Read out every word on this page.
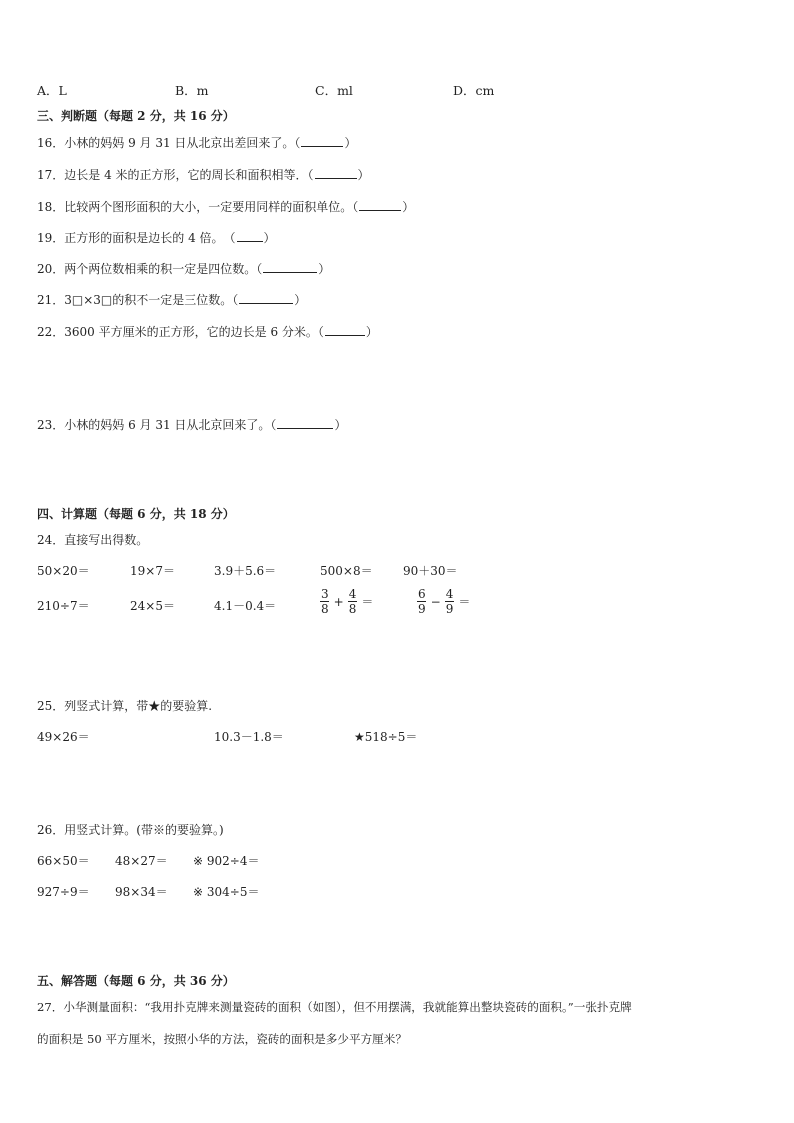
A．L	B．m	C．ml	D．cm
三、判断题（每题 2 分，共 16 分）
16．小林的妈妈 9 月 31 日从北京出差回来了。（	）
17．边长是 4 米的正方形，它的周长和面积相等．（	）
18．比较两个图形面积的大小，一定要用同样的面积单位。（	）
19．正方形的面积是边长的 4 倍。　（ ）
20．两个两位数相乘的积一定是四位数。（	）
21．3□×3□的积不一定是三位数。（	）
22．3600 平方厘米的正方形，它的边长是 6 分米。（	）
23．小林的妈妈 6 月 31 日从北京回来了。（	）
四、计算题（每题 6 分，共 18 分）
24．直接写出得数。
50×20＝	19×7＝	3.9＋5.6＝	500×8＝	90＋30＝
210÷7＝	24×5＝	4.1－0.4＝	$\frac{3}{8} + \frac{4}{8}$ ＝	$\frac{6}{9} - \frac{4}{9}$ ＝
25．列竖式计算，带★的要验算.
49×26＝	10.3－1.8＝	★518÷5＝
26．用竖式计算。(带※的要验算。)
66×50＝ 48×27＝ ※ 902÷4＝
927÷9＝ 98×34＝ ※ 304÷5＝
五、解答题（每题 6 分，共 36 分）
27．小华测量面积：“我用扑克牌来测量瓷砖的面积（如图），但不用摆满，我就能算出整块瓷砖的面积。”一张扑克牌
的面积是 50 平方厘米，按照小华的方法，瓷砖的面积是多少平方厘米？
